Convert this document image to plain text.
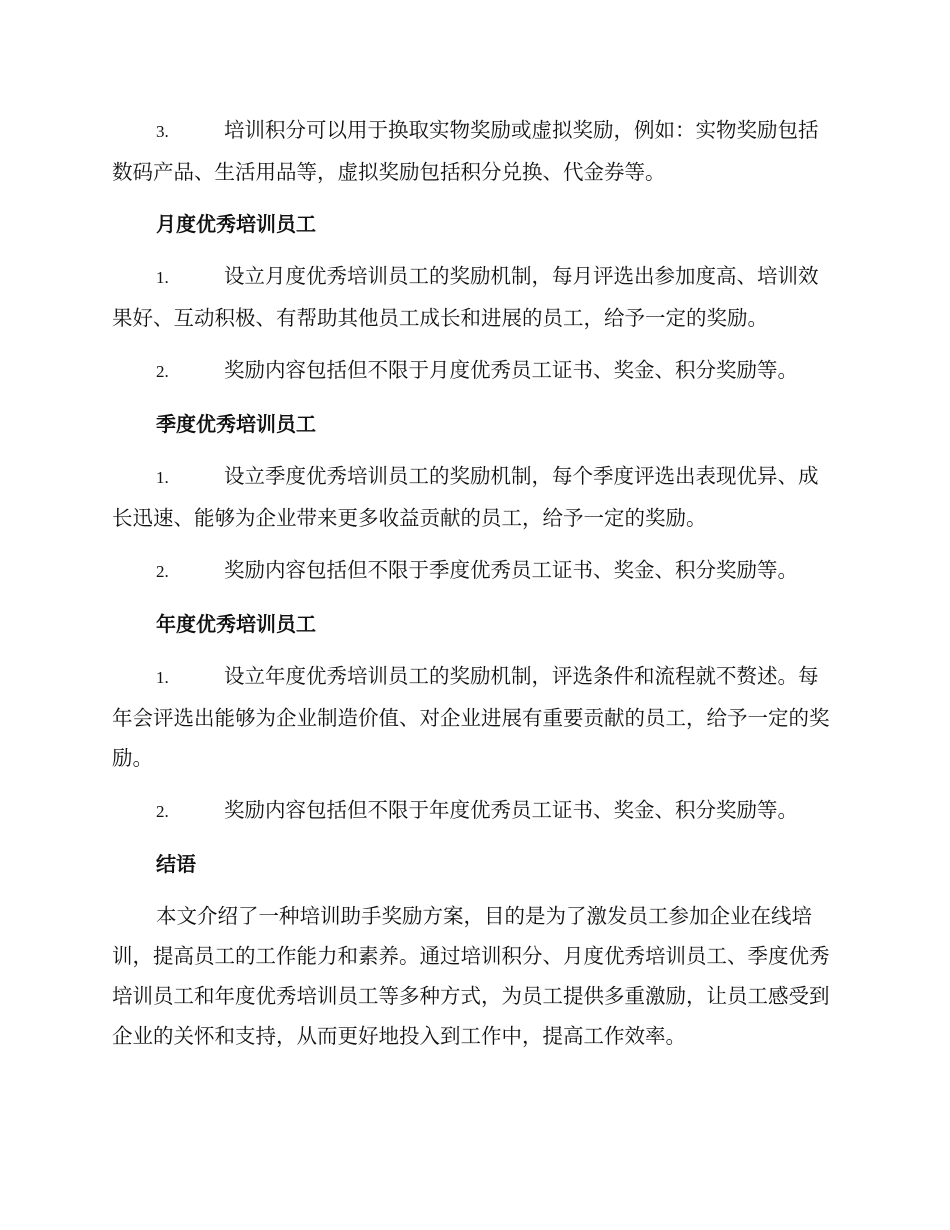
3.	培训积分可以用于换取实物奖励或虚拟奖励，例如：实物奖励包括数码产品、生活用品等，虚拟奖励包括积分兑换、代金券等。

月度优秀培训员工

1.	设立月度优秀培训员工的奖励机制，每月评选出参加度高、培训效果好、互动积极、有帮助其他员工成长和进展的员工，给予一定的奖励。

2.	奖励内容包括但不限于月度优秀员工证书、奖金、积分奖励等。

季度优秀培训员工

1.	设立季度优秀培训员工的奖励机制，每个季度评选出表现优异、成长迅速、能够为企业带来更多收益贡献的员工，给予一定的奖励。

2.	奖励内容包括但不限于季度优秀员工证书、奖金、积分奖励等。

年度优秀培训员工

1.	设立年度优秀培训员工的奖励机制，评选条件和流程就不赘述。每年会评选出能够为企业制造价值、对企业进展有重要贡献的员工，给予一定的奖励。

2.	奖励内容包括但不限于年度优秀员工证书、奖金、积分奖励等。

结语

本文介绍了一种培训助手奖励方案，目的是为了激发员工参加企业在线培训，提高员工的工作能力和素养。通过培训积分、月度优秀培训员工、季度优秀培训员工和年度优秀培训员工等多种方式，为员工提供多重激励，让员工感受到企业的关怀和支持，从而更好地投入到工作中，提高工作效率。
